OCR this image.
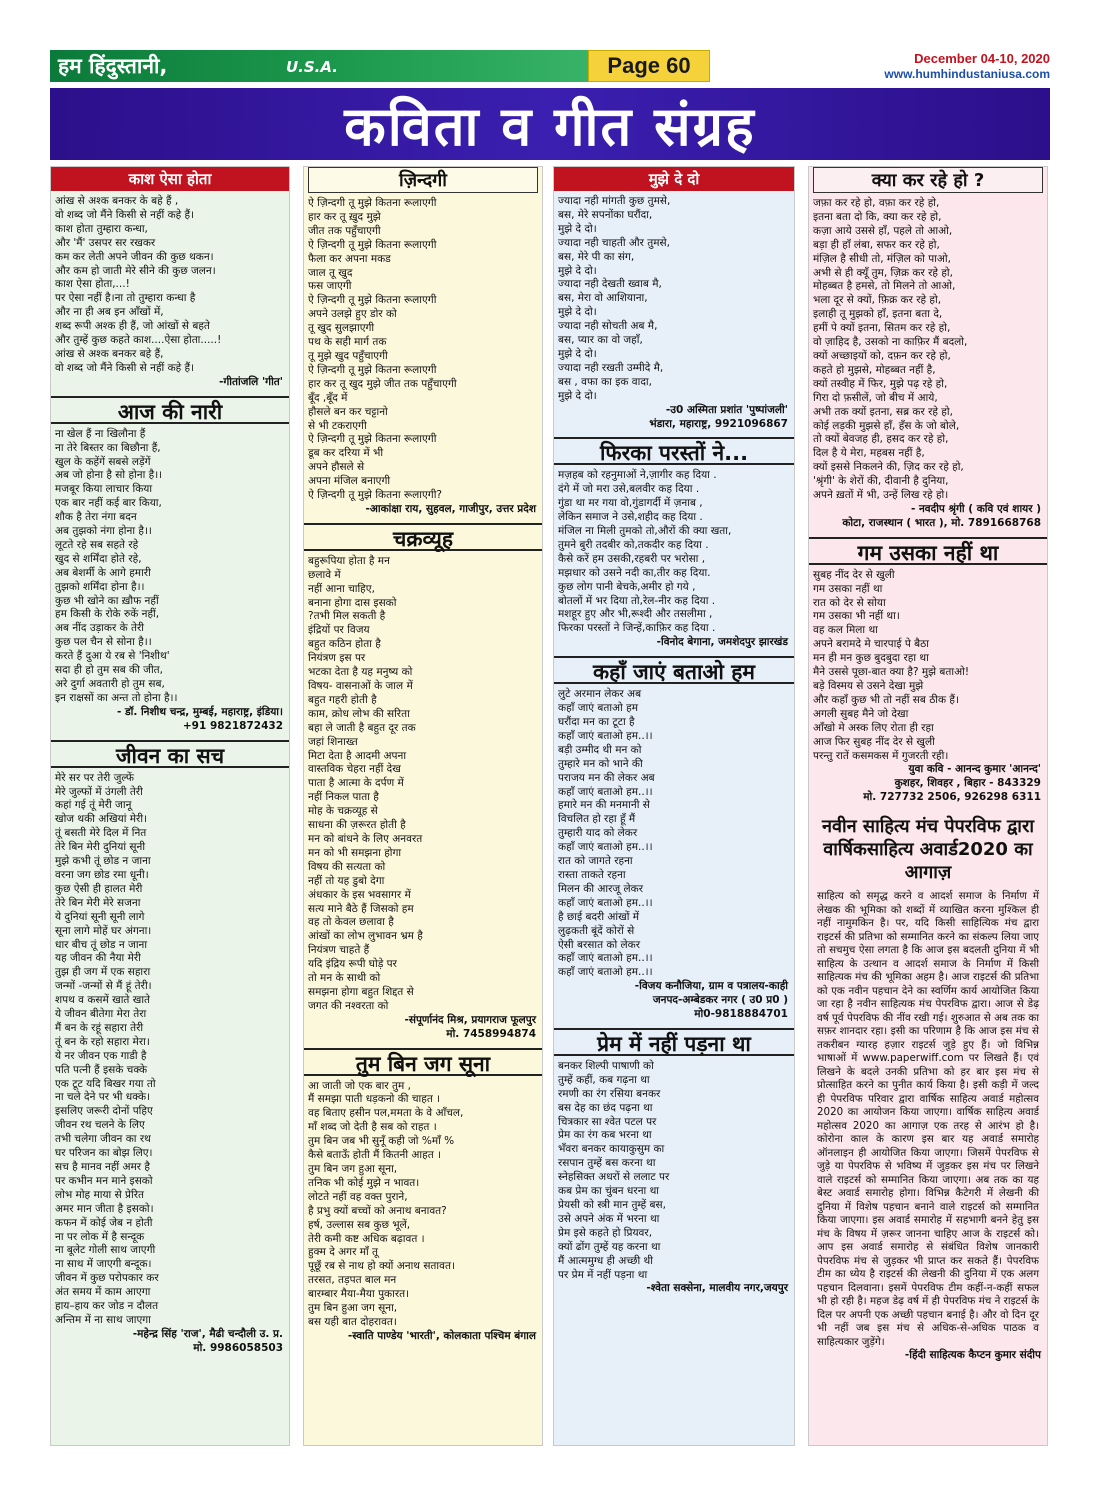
हम हिंदुस्तानी,	U.S.A.	Page 60	December 04-10, 2020
www.humhindustaniusa.com
कविता व गीत संग्रह
काश ऐसा होता
आंख से अश्क बनकर के बहे हैं ,
वो शब्द जो मैंने किसी से नहीं कहे हैं।
काश होता तुम्हारा कन्धा,
और 'मैं' उसपर सर रखकर
कम कर लेती अपने जीवन की कुछ थकन।
और कम हो जाती मेरे सीने की कुछ जलन।
काश ऐसा होता,...!
पर ऐसा नहीं है।ना तो तुम्हारा कन्धा है
और ना ही अब इन आँखों में,
शब्द रूपी अश्क ही हैं, जो आंखों से बहते
और तुम्हें कुछ कहते काश....ऐसा होता.....!
आंख से अश्क बनकर बहे हैं,
वो शब्द जो मैंने किसी से नहीं कहे हैं।
-गीतांजलि 'गीत'
आज की नारी
ना खेल हैं ना खिलौना हैं
ना तेरे बिस्तर का बिछौना हैं,
खुल के कहेंगें सबसे लड़ेंगें
अब जो होना है सो होना है।।
मजबूर किया लाचार किया
एक बार नहीं कई बार किया,
शौक है तेरा नंगा बदन
अब तुझको नंगा होना है।।
लूटते रहे सब सहते रहे
खुद से शर्मिंदा होते रहे,
अब बेशर्मी के आगे हमारी
तुझको शर्मिंदा होना है।।
कुछ भी खोने का ख़ौफ नहीं
हम किसी के रोके रुकें नहीं,
अब नींद उड़ाकर के तेरी
कुछ पल चैन से सोना है।।
करते हैं दुआ ये रब से 'निशीथ'
सदा ही हो तुम सब की जीत,
अरे दुर्गा अवतारी हो तुम सब,
इन राक्षसों का अन्त तो होना है।।
- डॉ. निशीथ चन्द्र, मुम्बई, महाराष्ट्र, इंडिया।
+91 9821872432
जीवन का सच
मेरे सर पर तेरी जुल्फें
मेरे जुल्फों में उंगली तेरी
कहां गई तूं मेरी जानू
खोज थकी अखियां मेरी।
तूं बसती मेरे दिल में नित
तेरे बिन मेरी दुनियां सूनी
मुझे कभी तूं छोड न जाना
वरना जग छोड रमा धूनी।
कुछ ऐसी ही हालत मेरी
तेरे बिन मेरी मेरे सजना
ये दुनियां सूनी सूनी लागे
सूना लागे मोहें घर अंगना।
धार बीच तूं छोड न जाना
यह जीवन की नैया मेरी
तुझ ही जग में एक सहारा
जन्मों -जन्मों से मैं हूं तेरी।
शपथ व कसमें खाते खाते
ये जीवन बीतेगा मेरा तेरा
मैं बन के रहूं सहारा तेरी
तूं बन के रहो सहारा मेरा।
ये नर जीवन एक गाडी है
पति पत्नी हैं इसके चक्के
एक टूट यदि बिखर गया तो
ना चले देने पर भी धक्के।
इसलिए जरूरी दोनों पहिए
जीवन रथ चलने के लिए
तभी चलेगा जीवन का रथ
घर परिजन का बोझ लिए।
सच है मानव नहीं अमर है
पर कभीन मन माने इसको
लोभ मोह माया से प्रेरित
अमर मान जीता है इसको।
कफन में कोई जेब न होती
ना पर लोक में है सन्दूक
ना बूलेट गोली साथ जाएगी
ना साथ में जाएगी बन्दूक।
जीवन में कुछ परोपकार कर
अंत समय में काम आएगा
हाय–हाय कर जोड न दौलत
अन्तिम में ना साथ जाएगा
-महेन्द्र सिंह 'राज', मैढी चन्दौली उ. प्र.
मो. 9986058503
ज़िन्दगी
ऐ ज़िन्दगी तू मुझे कितना रूलाएगी
हार कर तू ख़ुद मुझे
जीत तक पहुँचाएगी
ऐ ज़िन्दगी तू मुझे कितना रूलाएगी
फैला कर अपना मकड
जाल तू खुद
फस जाएगी
ऐ ज़िन्दगी तू मुझे कितना रूलाएगी
अपने उलझे हुए डोर को
तू खुद सुलझाएगी
पथ के सही मार्ग तक
तू मुझे खुद पहुँचाएगी
ऐ ज़िन्दगी तू मुझे कितना रूलाएगी
हार कर तू खुद मुझे जीत तक पहुँचाएगी
बूँद ,बूँद में
हौसले बन कर चट्टानो
से भी टकराएगी
ऐ ज़िन्दगी तू मुझे कितना रूलाएगी
डूब कर दरिया में भी
अपने हौसले से
अपना मंजिल बनाएगी
ऐ ज़िन्दगी तू मुझे कितना रूलाएगी?
-आकांक्षा राय, सुहवल, गाजीपुर, उत्तर प्रदेश
चक्रव्यूह
बहुरूपिया होता है मन
छलावे में
नहीं आना चाहिए,
बनाना होगा दास इसको
?तभी मिल सकती है
इंद्रियों पर विजय
बहुत कठिन होता है
नियंत्रण इस पर
भटका देता है यह मनुष्य को
विषय- वासनाओं के जाल में
बहुत गहरी होती है
काम, क्रोध लोभ की सरिता
बहा ले जाती है बहुत दूर तक
जहां शिनाख्त
मिटा देता है आदमी अपना
वास्तविक चेहरा नहीं देख
पाता है आत्मा के दर्पण में
नहीं निकल पाता है
मोह के चक्रव्यूह से
साधना की ज़रूरत होती है
मन को बांधने के लिए अनवरत
मन को भी समझना होगा
विषय की सत्यता को
नहीं तो यह डुबो देगा
अंधकार के इस भवसागर में
सत्य माने बैठे हैं जिसको हम
वह तो केवल छलावा है
आंखों का लोभ लुभावन भ्रम है
नियंत्रण चाहते हैं
यदि इंद्रिय रूपी घोड़े पर
तो मन के साथी को
समझना होगा बहुत शिद्दत से
जगत की नश्वरता को
-संपूर्णानंद मिश्र, प्रयागराज फूलपुर
मो. 7458994874
तुम बिन जग सूना
आ जाती जो एक बार तुम ,
मैं समझा पाती धड़कनो की चाहत ।
वह बिताए हसीन पल,ममता के वे आँचल,
माँ शब्द जो देती है सब को राहत ।
तुम बिन जब भी सुनूँ कही जो %माँ %
कैसे बताऊँ होती मैं कितनी आहत ।
तुम बिन जग हुआ सूना,
तनिक भी कोई मुझे न भावत।
लोटते नहीं वह वक्त पुराने,
है प्रभु क्यों बच्चों को अनाथ बनावत?
हर्ष, उल्लास सब कुछ भूलें,
तेरी कमी कष्ट अधिक बढ़ावत ।
हुक्म दे अगर माँ तू
पूछूँ रब से नाथ हो क्यों अनाथ सतावत।
तरसत, तड़पत बाल मन
बारम्बार मैया-मैया पुकारत।
तुम बिन हुआ जग सूना,
बस यही बात दोहरावत।
-स्वाति पाण्डेय 'भारती', कोलकाता पश्चिम बंगाल
मुझे दे दो
ज्यादा नही मांगती कुछ तुमसे,
बस, मेरे सपनोंका घरौंदा,
मुझे दे दो।
ज्यादा नही चाहती और तुमसे,
बस, मेरे पी का संग,
मुझे दे दो।
ज्यादा नही देखती ख्वाब मै,
बस, मेरा वो आशियाना,
मुझे दे दो।
ज्यादा नही सोचती अब मै,
बस, प्यार का वो जहाँ,
मुझे दे दो।
ज्यादा नही रखती उम्मीदे मै,
बस , वफा का इक वादा,
मुझे दे दो।
-उ0 अस्मिता प्रशांत 'पुष्पांजली'
भंडारा, महाराष्ट्र, 9921096867
फिरका परस्तों ने...
मज़हब को रहनुमाओं ने,ज़ागीर कह दिया .
दंगे में जो मरा उसे,बलवीर कह दिया .
गुंडा था मर गया वो,गुंडागर्दी में ज़नाब ,
लेकिन समाज ने उसे,शहीद कह दिया .
मंजिल ना मिली तुमको तो,औरों की क्या खता,
तुमने बुरी तदबीर को,तकदीर कह दिया .
कैसे करें हम उसकी,रहबरी पर भरोसा ,
मझधार को उसने नदी का,तीर कह दिया.
कुछ लोग पानी बेचके,अमीर हो गये ,
बोतलों में भर दिया तो,रेल-नीर कह दिया .
मशहूर हुए और भी,रूश्दी और तसलीमा ,
फिरका परस्तों ने जिन्हें,काफ़िर कह दिया .
-विनोद बेगाना, जमशेदपुर झारखंड
कहाँ जाएं बताओ हम
लुटे अरमान लेकर अब
कहाँ जाएं बताओ हम
घरौंदा मन का टूटा है
कहाँ जाएं बताओ हम..।।
बड़ी उम्मीद थी मन को
तुम्हारे मन को भाने की
पराजय मन की लेकर अब
कहाँ जाएं बताओ हम..।।
हमारे मन की मनमानी से
विचलित हो रहा हूँ मैं
तुम्हारी याद को लेकर
कहाँ जाएं बताओ हम..।।
रात को जागते रहना
रास्ता ताकते रहना
मिलन की आरजू लेकर
कहाँ जाएं बताओ हम..।।
है छाई बदरी आंखों में
लुढ़कती बूंदें कोरों से
ऐसी बरसात को लेकर
कहाँ जाएं बताओ हम..।।
कहाँ जाएं बताओ हम..।।
-विजय कनौजिया, ग्राम व पत्रालय-काही
जनपद-अम्बेडकर नगर ( उ0 प्र0 )
मो0-9818884701
प्रेम में नहीं पड़ना था
बनकर शिल्पी पाषाणी को
तुम्हें कहीं, कब गढ़ना था
रमणी का रंग रसिया बनकर
बस देह का छंद पढ़ना था
चित्रकार सा श्वेत पटल पर
प्रेम का रंग कब भरना था
भँवरा बनकर कायाकुसुम का
रसपान तुम्हें बस करना था
स्नेहसिक्त अधरों से ललाट पर
कब प्रेम का चुंबन धरना था
प्रेयसी को स्त्री मान तुम्हें बस,
उसे अपने अंक में भरना था
प्रेम इसे कहते हो प्रियवर,
क्यों ढोंग तुम्हें यह करना था
मैं आत्ममुग्ध ही अच्छी थी
पर प्रेम में नहीं पड़ना था
-श्वेता सक्सेना, मालवीय नगर,जयपुर
क्या कर रहे हो ?
जफ़ा कर रहे हो, वफ़ा कर रहे हो,
इतना बता दो कि, क्या कर रहे हो,
कज़ा आये उससे हाँ, पहले तो आओ,
बड़ा ही हाँ लंबा, सफर कर रहे हो,
मंज़िल है सीधी तो, मंज़िल को पाओ,
अभी से ही क्यूँ तुम, ज़िक्र कर रहे हो,
मोहब्बत है हमसे, तो मिलने तो आओ,
भला दूर से क्यों, फ़िक्र कर रहे हो,
इलाही तू मुझको हाँ, इतना बता दे,
हमीं पे क्यों इतना, सितम कर रहे हो,
वो ज़ाहिद है, उसको ना काफ़िर मैं बदलो,
क्यों अच्छाइयों को, दफ़न कर रहे हो,
कहते हो मुझसे, मोहब्बत नहीं है,
क्यों तस्वीह में फिर, मुझे पढ़ रहे हो,
गिरा दो फ़सीलें, जो बीच में आये,
अभी तक क्यों इतना, सब्र कर रहे हो,
कोई लड़की मुझसे हाँ, हँस के जो बोले,
तो क्यों बेवजह ही, हसद कर रहे हो,
दिल है ये मेरा, महबस नहीं है,
क्यों इससे निकलने की, ज़िद कर रहे हो,
'श्रृंगी' के शेरों की, दीवानी है दुनिया,
अपने ख़तों में भी, उन्हें लिख रहे हो।
- नवदीप श्रृंगी ( कवि एवं शायर )
कोटा, राजस्थान ( भारत ), मो. 7891668768
गम उसका नहीं था
सुबह नींद देर से खुली
गम उसका नहीं था
रात को देर से सोया
गम उसका भी नहीं था।
वह कल मिला था
अपने बरामदे मे चारपाई पे बैठा
मन ही मन कुछ बुदबुदा रहा था
मैने उससे पूछा-बात क्या है? मुझे बताओ!
बड़े विस्मय से उसने देखा मुझे
और कहाँ कुछ भी तो नहीं सब ठीक हैं।
अगली सुबह मैने जो देखा
आँखो मे अस्क लिए रोता ही रहा
आज फिर सुबह नींद देर से खुली
परन्तु रातें कसमकस में गुजरती रही।
युवा कवि - आनन्द कुमार 'आनन्द'
कुशहर, शिवहर , बिहार - 843329
मो. 727732 2506, 926298 6311
नवीन साहित्य मंच पेपरविफ द्वारा
वार्षिकसाहित्य अवार्ड2020 का आगाज़
साहित्य को समृद्ध करने व आदर्श समाज के निर्माण में लेखक की भूमिका को शब्दों में व्याखित करना मुश्किल ही नहीं नामुमकिन है। पर, यदि किसी साहित्यिक मंच द्वारा राइटर्स की प्रतिभा को सम्मानित करने का संकल्प लिया जाए तो सचमुच ऐसा लगता है कि आज इस बदलती दुनिया में भी साहित्य के उत्थान व आदर्श समाज के निर्माण में किसी साहित्यक मंच की भूमिका अहम है। आज राइटर्स की प्रतिभा को एक नवीन पहचान देने का स्वर्णिम कार्य आयोजित किया जा रहा है नवीन साहित्यक मंच पेपरविफ द्वारा। आज से डेढ़ वर्ष पूर्व पेपरविफ की नींव रखी गई। शुरुआत से अब तक का सफ़र शानदार रहा। इसी का परिणाम है कि आज इस मंच से तकरीबन ग्यारह हज़ार राइटर्स जुड़े हुए हैं। जो विभिन्न भाषाओं में www.paperwiff.com पर लिखते हैं। एवं लिखने के बदले उनकी प्रतिभा को हर बार इस मंच से प्रोत्साहित करने का पुनीत कार्य किया है। इसी कड़ी में जल्द ही पेपरविफ परिवार द्वारा वार्षिक साहित्य अवार्ड महोत्सव 2020 का आयोजन किया जाएगा। वार्षिक साहित्य अवार्ड महोत्सव 2020 का आगाज़ एक तरह से आरंभ हो है। कोरोना काल के कारण इस बार यह अवार्ड समारोह ऑनलाइन ही आयोजित किया जाएगा। जिसमें पेपरविफ से जुड़े या पेपरविफ से भविष्य में जुड़कर इस मंच पर लिखने वाले राइटर्स को सम्मानित किया जाएगा। अब तक का यह बेस्ट अवार्ड समारोह होगा। विभिन्न कैटेगरी में लेखनी की दुनिया में विशेष पहचान बनाने वाले राइटर्स को सम्मानित किया जाएगा। इस अवार्ड समारोह में सहभागी बनने हेतु इस मंच के विषय में ज़रूर जानना चाहिए आज के राइटर्स को। आप इस अवार्ड समारोह से संबंधित विशेष जानकारी पेपरविफ मंच से जुड़कर भी प्राप्त कर सकते हैं। पेपरविफ टीम का ध्येय है राइटर्स की लेखनी की दुनिया में एक अलग पहचान दिलवाना। इसमें पेपरविफ टीम कहीं-न-कहीं सफल भी हो रही है। महज डेढ़ वर्ष में ही पेपरविफ मंच ने राइटर्स के दिल पर अपनी एक अच्छी पहचान बनाई है। और वो दिन दूर भी नहीं जब इस मंच से अधिक-से-अधिक पाठक व साहित्यकार जुड़ेंगे।
-हिंदी साहित्यक कैप्टन कुमार संदीप
